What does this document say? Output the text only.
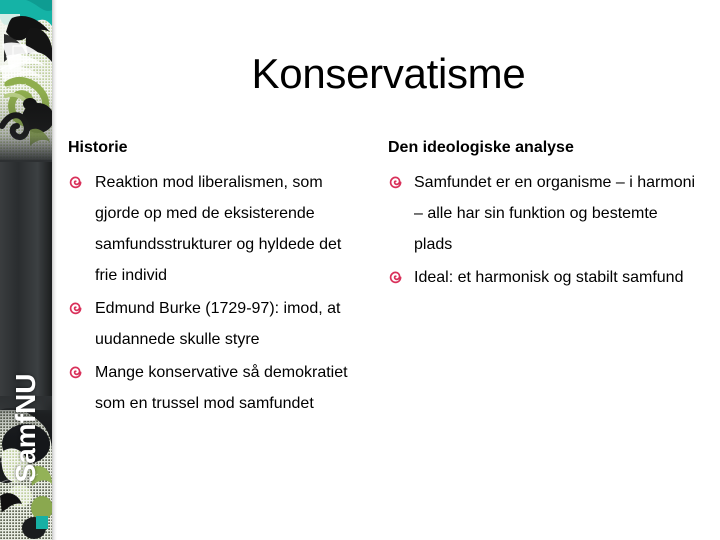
SamfNU
Konservatisme
Historie
Reaktion mod liberalismen, som gjorde op med de eksisterende samfundsstrukturer og hyldede det frie individ
Edmund Burke (1729-97): imod, at uudannede skulle styre
Mange konservative så demokratiet som en trussel mod samfundet
Den ideologiske analyse
Samfundet er en organisme – i harmoni – alle har sin funktion og bestemte plads
Ideal: et harmonisk og stabilt samfund
